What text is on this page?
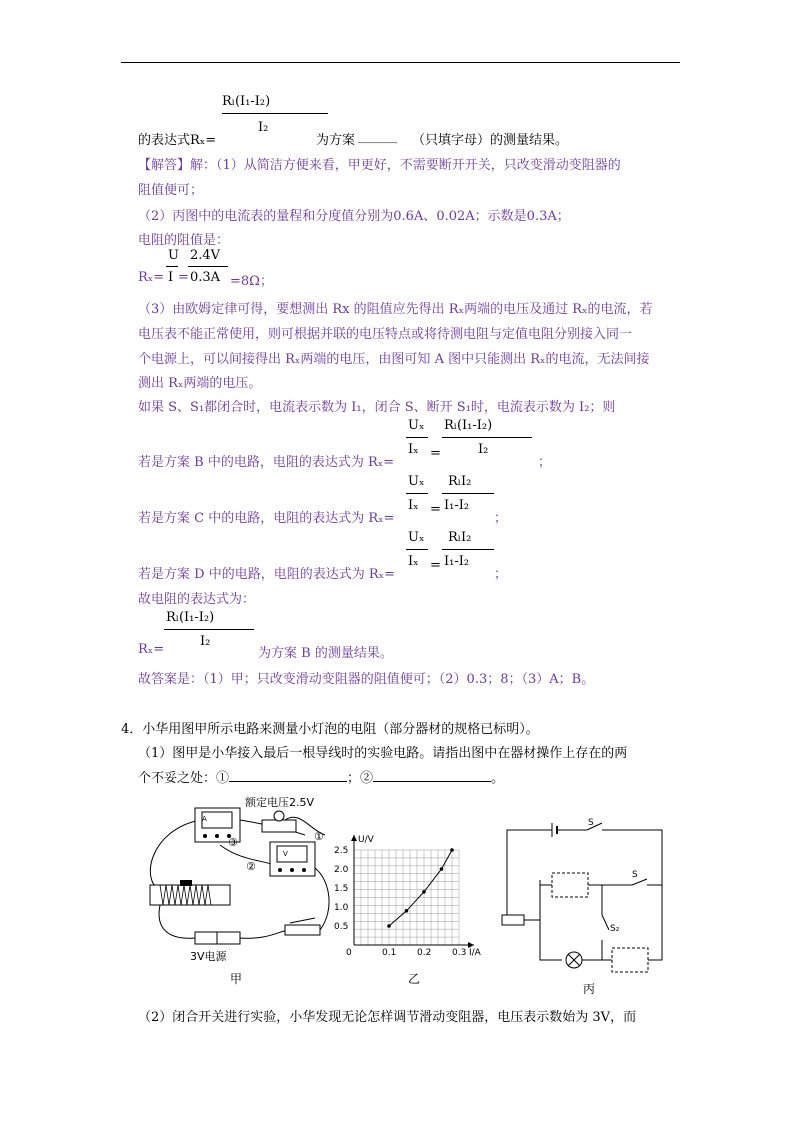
Rₗ(I₁-I₂)
I₂
的表达式Rₓ=	为方案 ______ （只填字母）的测量结果。
【解答】解：（1）从简洁方便来看，甲更好，不需要断开开关，只改变滑动变阻器的
阻值便可；
（2）丙图中的电流表的量程和分度值分别为0.6A、0.02A；示数是0.3A；
电阻的阻值是：
U 2.4V
Rₓ= I = 0.3A =8Ω；
（3）由欧姆定律可得，要想测出 Rx 的阻值应先得出 Rₓ两端的电压及通过 Rₓ的电流，若
电压表不能正常使用，则可根据并联的电压特点或将待测电阻与定值电阻分别接入同一
个电源上，可以间接得出 Rₓ两端的电压，由图可知 A 图中只能测出 Rₓ的电流，无法间接
测出 Rₓ两端的电压。
如果 S、S₁都闭合时，电流表示数为 I₁，闭合 S、断开 S₁时，电流表示数为 I₂；则
Uₓ
Iₓ =
Rₗ(I₁-I₂)
I₂
若是方案 B 中的电路，电阻的表达式为 Rₓ=	；
Uₓ
Iₓ =
RₗI₂
I₁-I₂
若是方案 C 中的电路，电阻的表达式为 Rₓ=	；
Uₓ
Iₓ =
RₗI₂
I₁-I₂
若是方案 D 中的电路，电阻的表达式为 Rₓ=	；
故电阻的表达式为：
Rₗ(I₁-I₂)
I₂
Rₓ=	为方案 B 的测量结果。
故答案是：（1）甲；只改变滑动变阻器的阻值便可；（2）0.3；8；（3）A；B。
4．小华用图甲所示电路来测量小灯泡的电阻（部分器材的规格已标明）。
（1）图甲是小华接入最后一根导线时的实验电路。请指出图中在器材操作上存在的两
个不妥之处：①	；②	。
额定电压2.5V
①
②
③
A
V
3V电源
甲
I/A
U/V
0	0.1 0.2 0.3
0.5
1.0
1.5
2.0
2.5
乙
S
S
S₂
丙
（2）闭合开关进行实验，小华发现无论怎样调节滑动变阻器，电压表示数始为 3V，而
